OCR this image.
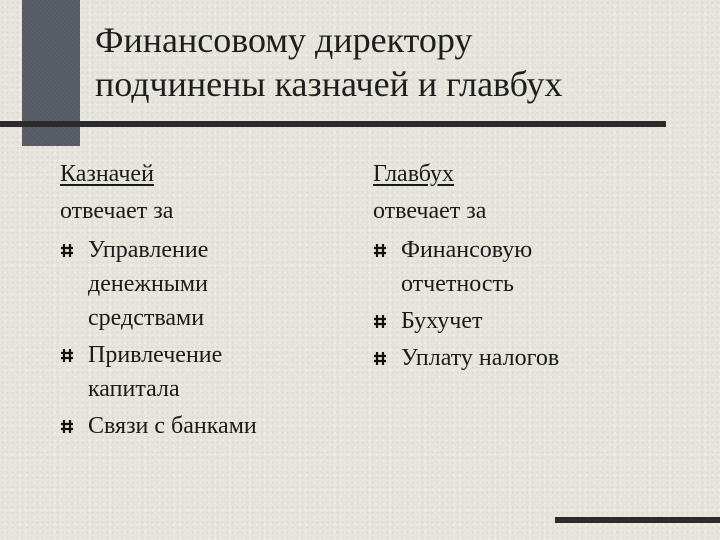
Финансовому директору
подчинены казначей и главбух
Казначей
отвечает за
Управление
денежными
средствами
Привлечение
капитала
Связи с банками
Главбух
отвечает за
Финансовую
отчетность
Бухучет
Уплату налогов
